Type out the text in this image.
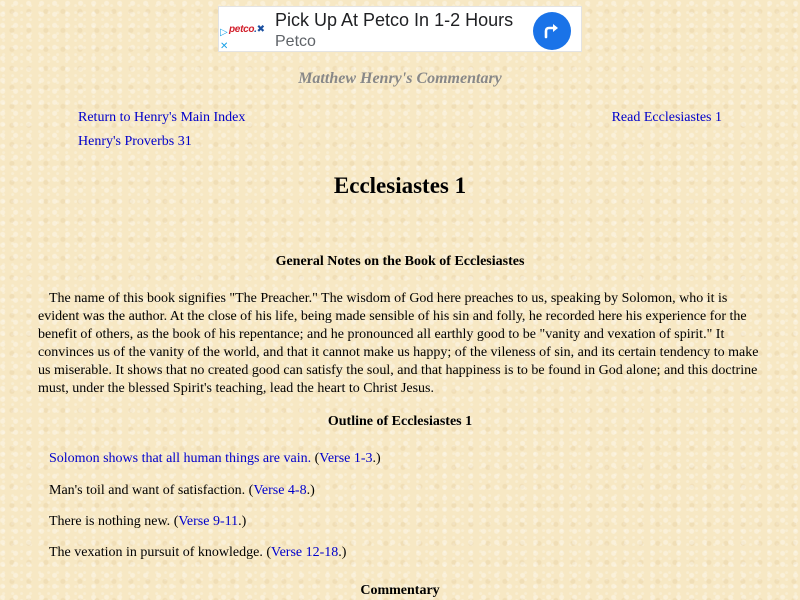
▷
✕
petco.✖ Pick Up At Petco In 1-2 Hours
Petco
Matthew Henry's Commentary
Return to Henry's Main Index
Henry's Proverbs 31
Read Ecclesiastes 1
Ecclesiastes 1
General Notes on the Book of Ecclesiastes
The name of this book signifies "The Preacher." The wisdom of God here preaches to us, speaking by Solomon, who it is evident was the author. At the close of his life, being made sensible of his sin and folly, he recorded here his experience for the benefit of others, as the book of his repentance; and he pronounced all earthly good to be "vanity and vexation of spirit." It convinces us of the vanity of the world, and that it cannot make us happy; of the vileness of sin, and its certain tendency to make us miserable. It shows that no created good can satisfy the soul, and that happiness is to be found in God alone; and this doctrine must, under the blessed Spirit's teaching, lead the heart to Christ Jesus.
Outline of Ecclesiastes 1
Solomon shows that all human things are vain. (Verse 1-3.)
Man's toil and want of satisfaction. (Verse 4-8.)
There is nothing new. (Verse 9-11.)
The vexation in pursuit of knowledge. (Verse 12-18.)
Commentary
